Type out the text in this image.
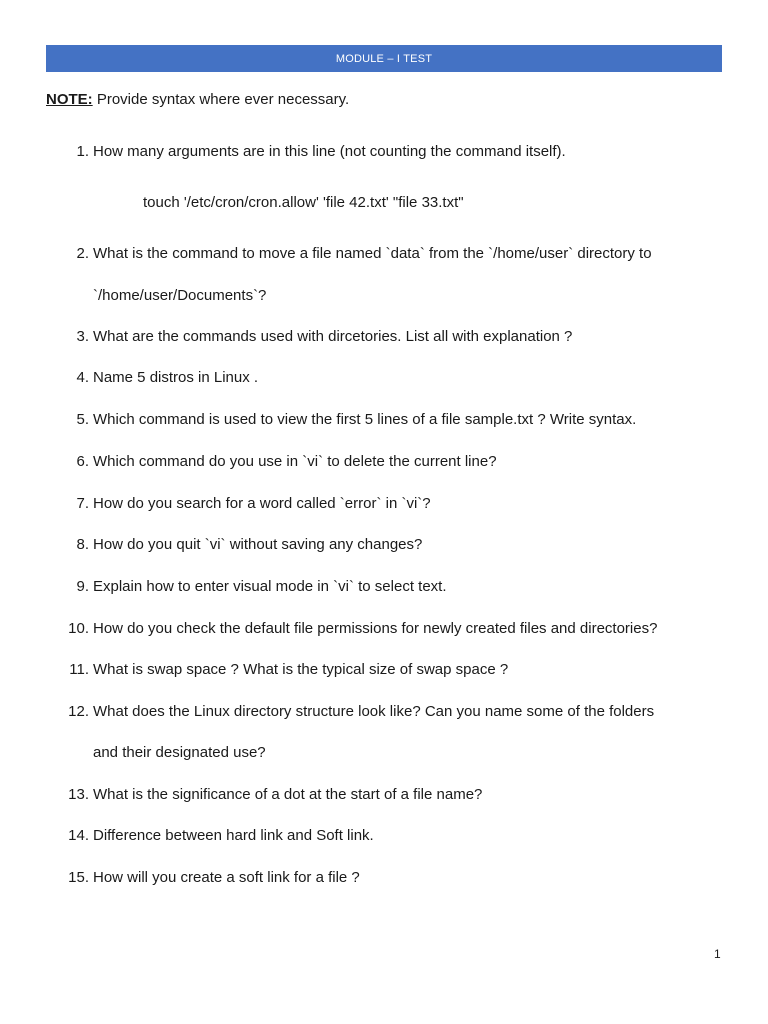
MODULE – I TEST
NOTE: Provide syntax where ever necessary.
1. How many arguments are in this line (not counting the command itself).
touch '/etc/cron/cron.allow' 'file 42.txt' "file 33.txt"
2. What is the command to move a file named `data` from the `/home/user` directory to
`/home/user/Documents`?
3. What are the commands used with dircetories. List all with explanation ?
4. Name 5 distros in Linux .
5. Which command is used to view the first 5 lines of a file sample.txt ? Write syntax.
6. Which command do you use in `vi` to delete the current line?
7. How do you search for a word called `error` in `vi`?
8. How do you quit `vi` without saving any changes?
9. Explain how to enter visual mode in `vi` to select text.
10. How do you check the default file permissions for newly created files and directories?
11. What is swap space ? What is the typical size of swap space ?
12. What does the Linux directory structure look like? Can you name some of the folders
and their designated use?
13. What is the significance of a dot at the start of a file name?
14. Difference between hard link and Soft link.
15. How will you create a soft link for a file ?
1
